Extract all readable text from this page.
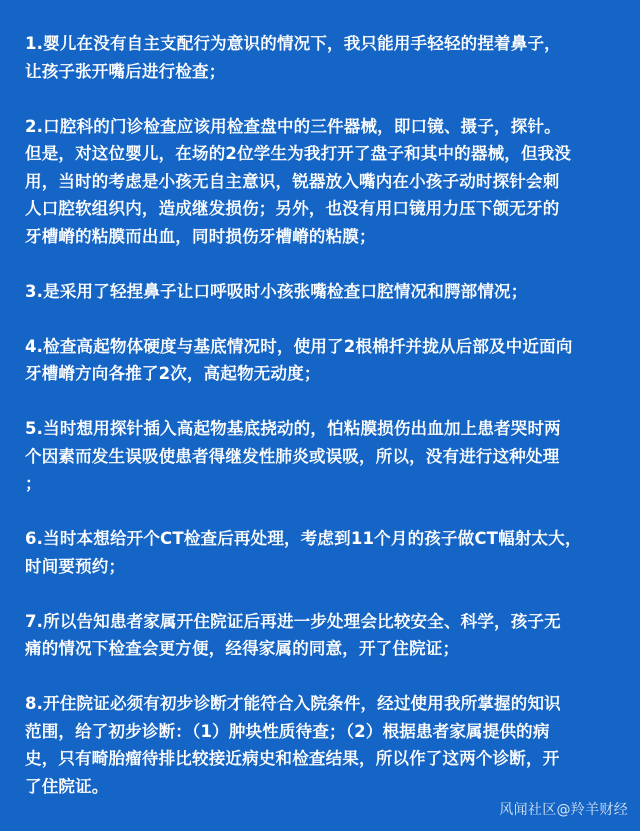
1.婴儿在没有自主支配行为意识的情况下，我只能用手轻轻的捏着鼻子，
让孩子张开嘴后进行检查；

2.口腔科的门诊检查应该用检查盘中的三件器械，即口镜、摄子，探针。
但是，对这位婴儿，在场的2位学生为我打开了盘子和其中的器械，但我没
用，当时的考虑是小孩无自主意识，锐器放入嘴内在小孩子动时探针会刺
人口腔软组织内，造成继发损伤；另外，也没有用口镜用力压下颌无牙的
牙槽嵴的粘膜而出血，同时损伤牙槽嵴的粘膜；

3.是采用了轻捏鼻子让口呼吸时小孩张嘴检查口腔情况和腭部情况；

4.检查高起物体硬度与基底情况时，使用了2根棉扦并拢从后部及中近面向
牙槽嵴方向各推了2次，高起物无动度；

5.当时想用探针插入高起物基底挠动的，怕粘膜损伤出血加上患者哭时两
个因素而发生误吸使患者得继发性肺炎或误吸，所以，没有进行这种处理
；

6.当时本想给开个CT检查后再处理，考虑到11个月的孩子做CT幅射太大，
时间要预约；

7.所以告知患者家属开住院证后再进一步处理会比较安全、科学，孩子无
痛的情况下检查会更方便，经得家属的同意，开了住院证；

8.开住院证必须有初步诊断才能符合入院条件，经过使用我所掌握的知识
范围，给了初步诊断：（1）肿块性质待查；（2）根据患者家属提供的病
史，只有畸胎瘤待排比较接近病史和检查结果，所以作了这两个诊断，开
了住院证。

风闻社区@羚羊财经
